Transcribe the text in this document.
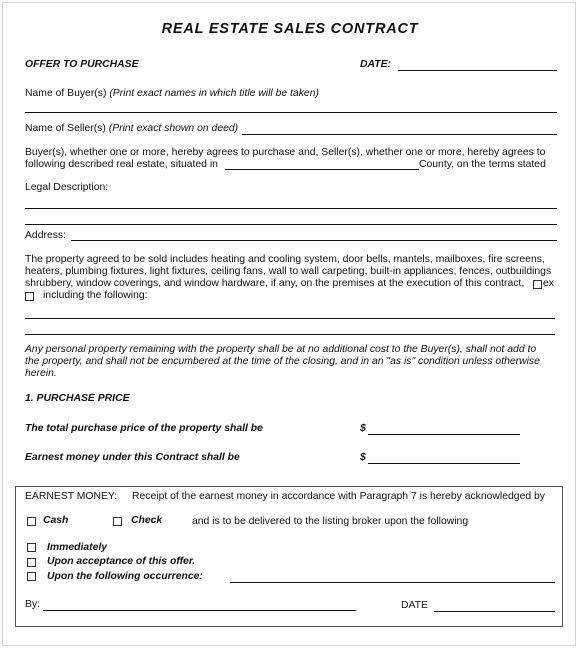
REAL ESTATE SALES CONTRACT
OFFER TO PURCHASE	DATE:
Name of Buyer(s) (Print exact names in which title will be taken)
Name of Seller(s) (Print exact shown on deed)
Buyer(s), whether one or more, hereby agrees to purchase and, Seller(s), whether one or more, hereby agrees to
following described real estate, situated in	County, on the terms stated
Legal Description:
Address:
The property agreed to be sold includes heating and cooling system, door bells, mantels, mailboxes, fire screens,
heaters, plumbing fixtures, light fixtures, ceiling fans, wall to wall carpeting, built-in appliances, fences, outbuildings
shrubbery, window coverings, and window hardware, if any, on the premises at the execution of this contract, ex
including the following:
Any personal property remaining with the property shall be at no additional cost to the Buyer(s), shall not add to
the property, and shall not be encumbered at the time of the closing, and in an "as is" condition unless otherwise
herein.
1. PURCHASE PRICE
The total purchase price of the property shall be	$
Earnest money under this Contract shall be	$
EARNEST MONEY: Receipt of the earnest money in accordance with Paragraph 7 is hereby acknowledged by
Cash	Check	and is to be delivered to the listing broker upon the following
Immediately
Upon acceptance of this offer.
Upon the following occurrence:
By:	DATE
